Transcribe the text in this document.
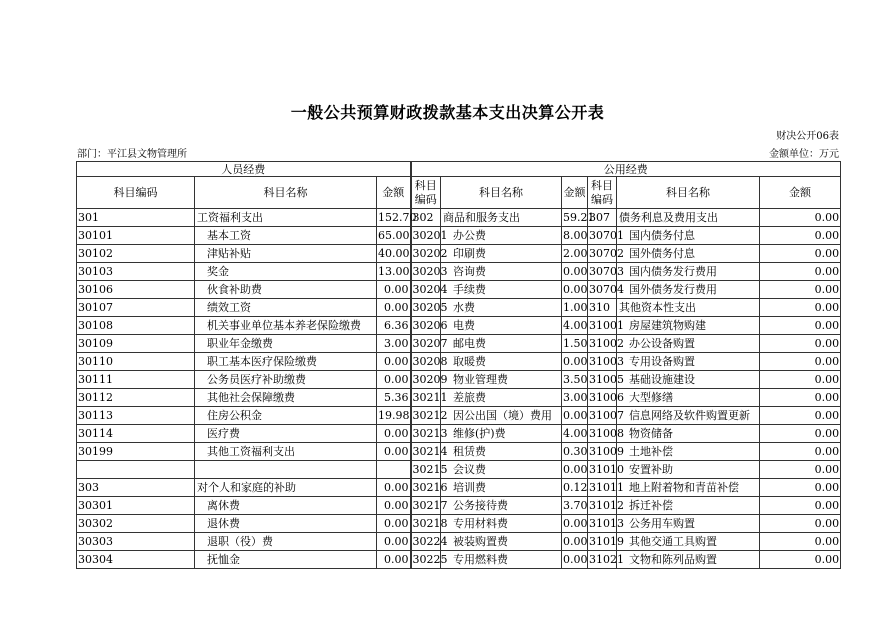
一般公共预算财政拨款基本支出决算公开表
财决公开06表
部门：平江县文物管理所	金额单位：万元
人员经费			公用经费					
科目编码	科目名称	金额	科目编码	科目名称	金额	科目编码	科目名称	金额
301	工资福利支出	152.70	302	商品和服务支出	59.21	307	债务利息及费用支出	0.00
30101	基本工资	65.00	30201	办公费	8.00	30701	国内债务付息	0.00
30102	津贴补贴	40.00	30202	印刷费	2.00	30702	国外债务付息	0.00
30103	奖金	13.00	30203	咨询费	0.00	30703	国内债务发行费用	0.00
30106	伙食补助费	0.00	30204	手续费	0.00	30704	国外债务发行费用	0.00
30107	绩效工资	0.00	30205	水费	1.00	310	其他资本性支出	0.00
30108	机关事业单位基本养老保险缴费	6.36	30206	电费	4.00	31001	房屋建筑物购建	0.00
30109	职业年金缴费	3.00	30207	邮电费	1.50	31002	办公设备购置	0.00
30110	职工基本医疗保险缴费	0.00	30208	取暖费	0.00	31003	专用设备购置	0.00
30111	公务员医疗补助缴费	0.00	30209	物业管理费	3.50	31005	基础设施建设	0.00
30112	其他社会保障缴费	5.36	30211	差旅费	3.00	31006	大型修缮	0.00
30113	住房公积金	19.98	30212	因公出国（境）费用	0.00	31007	信息网络及软件购置更新	0.00
30114	医疗费	0.00	30213	维修(护)费	4.00	31008	物资储备	0.00
30199	其他工资福利支出	0.00	30214	租赁费	0.30	31009	土地补偿	0.00
			30215	会议费	0.00	31010	安置补助	0.00
303	对个人和家庭的补助	0.00	30216	培训费	0.12	31011	地上附着物和青苗补偿	0.00
30301	离休费	0.00	30217	公务接待费	3.70	31012	拆迁补偿	0.00
30302	退休费	0.00	30218	专用材料费	0.00	31013	公务用车购置	0.00
30303	退职（役）费	0.00	30224	被装购置费	0.00	31019	其他交通工具购置	0.00
30304	抚恤金	0.00	30225	专用燃料费	0.00	31021	文物和陈列品购置	0.00
